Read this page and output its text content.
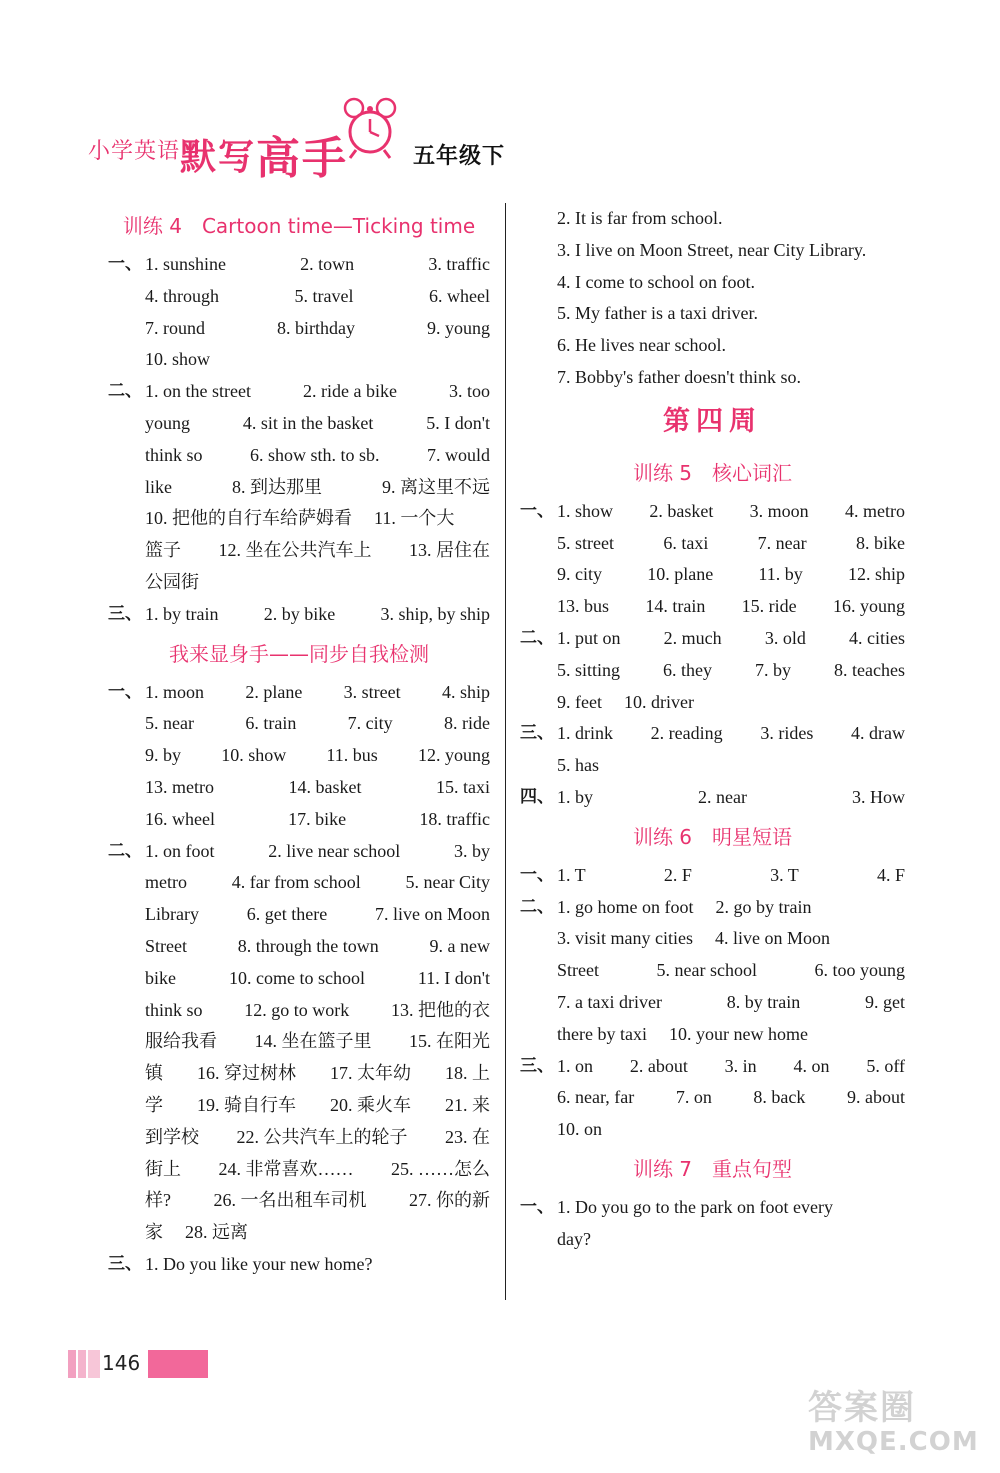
小学英语 默写高手	五年级下
训练 4　Cartoon time—Ticking time
一、 1. sunshine	2. town	3. traffic
4. through	5. travel	6. wheel
7. round	8. birthday	9. young
10. show
二、 1. on the street	2. ride a bike	3. too
young	4. sit in the basket	5. I don't
think so	6. show sth. to sb.	7. would
like	8. 到达那里	9. 离这里不远
10. 把他的自行车给萨姆看 11. 一个大
篮子 12. 坐在公共汽车上 13. 居住在
公园街
三、 1. by train	2. by bike	3. ship, by ship
我来显身手——同步自我检测
一、 1. moon 2. plane 3. street 4. ship
5. near	6. train	7. city	8. ride
9. by 10. show 11. bus 12. young
13. metro	14. basket	15. taxi
16. wheel	17. bike	18. traffic
二、 1. on foot	2. live near school	3. by
metro 4. far from school 5. near City
Library	6. get there	7. live on Moon
Street	8. through the town	9. a new
bike	10. come to school	11. I don't
think so 12. go to work 13. 把他的衣
服给我看 14. 坐在篮子里 15. 在阳光
镇 16. 穿过树林 17. 太年幼 18. 上
学 19. 骑自行车 20. 乘火车 21. 来
到学校 22. 公共汽车上的轮子 23. 在
街上 24. 非常喜欢…… 25. ……怎么
样? 26. 一名出租车司机 27. 你的新
家 28. 远离
三、 1. Do you like your new home?
2. It is far from school.
3. I live on Moon Street, near City Library.
4. I come to school on foot.
5. My father is a taxi driver.
6. He lives near school.
7. Bobby's father doesn't think so.
第四周
训练 5　核心词汇
一、 1. show 2. basket 3. moon 4. metro
5. street	6. taxi	7. near	8. bike
9. city	10. plane	11. by	12. ship
13. bus 14. train 15. ride 16. young
二、 1. put on 2. much 3. old 4. cities
5. sitting 6. they 7. by 8. teaches
9. feet 10. driver
三、 1. drink 2. reading 3. rides 4. draw
5. has
四、 1. by	2. near	3. How
训练 6　明星短语
一、 1. T	2. F	3. T	4. F
二、 1. go home on foot 2. go by train
3. visit many cities 4. live on Moon
Street	5. near school	6. too young
7. a taxi driver	8. by train	9. get
there by taxi 10. your new home
三、 1. on 2. about 3. in 4. on 5. off
6. near, far 7. on 8. back 9. about
10. on
训练 7　重点句型
一、 1. Do you go to the park on foot every
day?
146
答案圈
MXQE.COM
